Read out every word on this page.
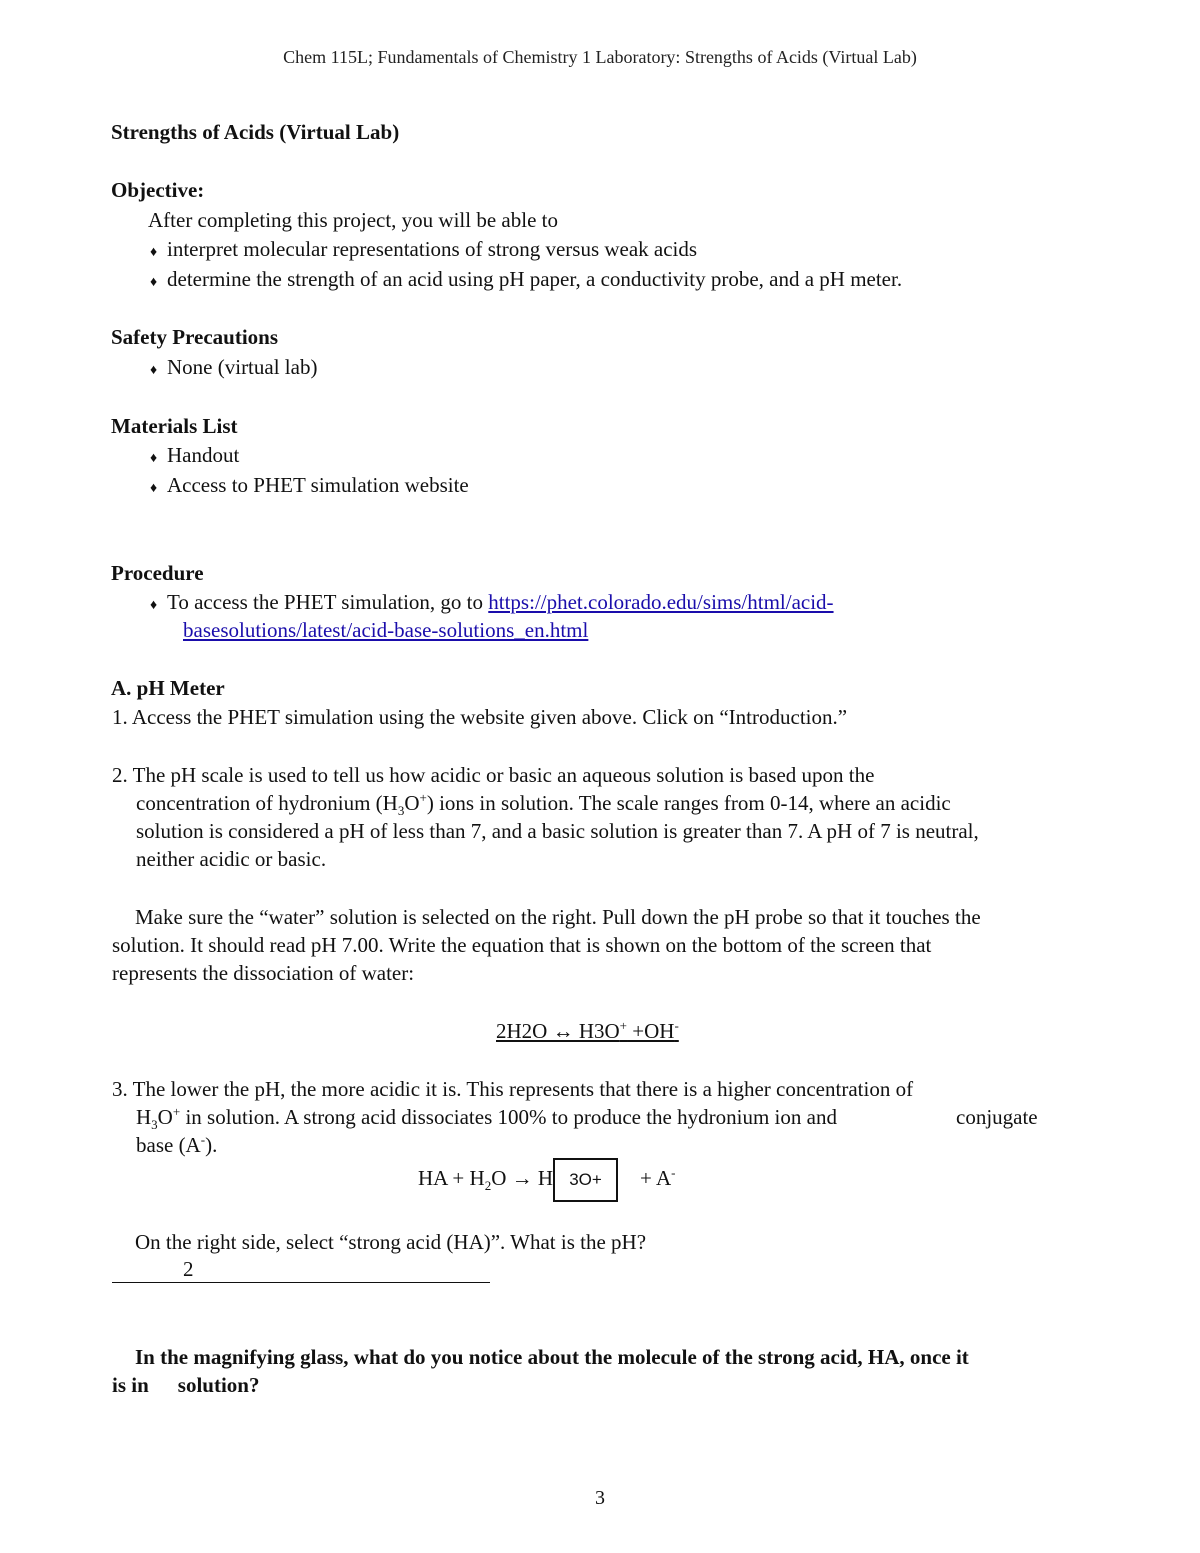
Chem 115L; Fundamentals of Chemistry 1 Laboratory: Strengths of Acids (Virtual Lab)
Strengths of Acids (Virtual Lab)
Objective:
After completing this project, you will be able to
♦ interpret molecular representations of strong versus weak acids
♦ determine the strength of an acid using pH paper, a conductivity probe, and a pH meter.
Safety Precautions
♦ None (virtual lab)
Materials List
♦ Handout
♦ Access to PHET simulation website
Procedure
♦ To access the PHET simulation, go to https://phet.colorado.edu/sims/html/acid-
basesolutions/latest/acid-base-solutions_en.html
A. pH Meter
1. Access the PHET simulation using the website given above. Click on “Introduction.”
2. The pH scale is used to tell us how acidic or basic an aqueous solution is based upon the
concentration of hydronium $(H_3O^+)$ ions in solution. The scale ranges from 0-14, where an acidic
solution is considered a pH of less than 7, and a basic solution is greater than 7. A pH of 7 is neutral,
neither acidic or basic.
Make sure the “water” solution is selected on the right. Pull down the pH probe so that it touches the
solution. It should read pH 7.00. Write the equation that is shown on the bottom of the screen that
represents the dissociation of water:
2H2O ↔ H3O+ +OH-
3. The lower the pH, the more acidic it is. This represents that there is a higher concentration of
$H_3O^+$ in solution. A strong acid dissociates 100% to produce the hydronium ion and	conjugate
base (A-).
HA + $H_2O \to H$ 3O+ + A-
On the right side, select “strong acid (HA)”. What is the pH?
2
In the magnifying glass, what do you notice about the molecule of the strong acid, HA, once it
is in solution?
3
